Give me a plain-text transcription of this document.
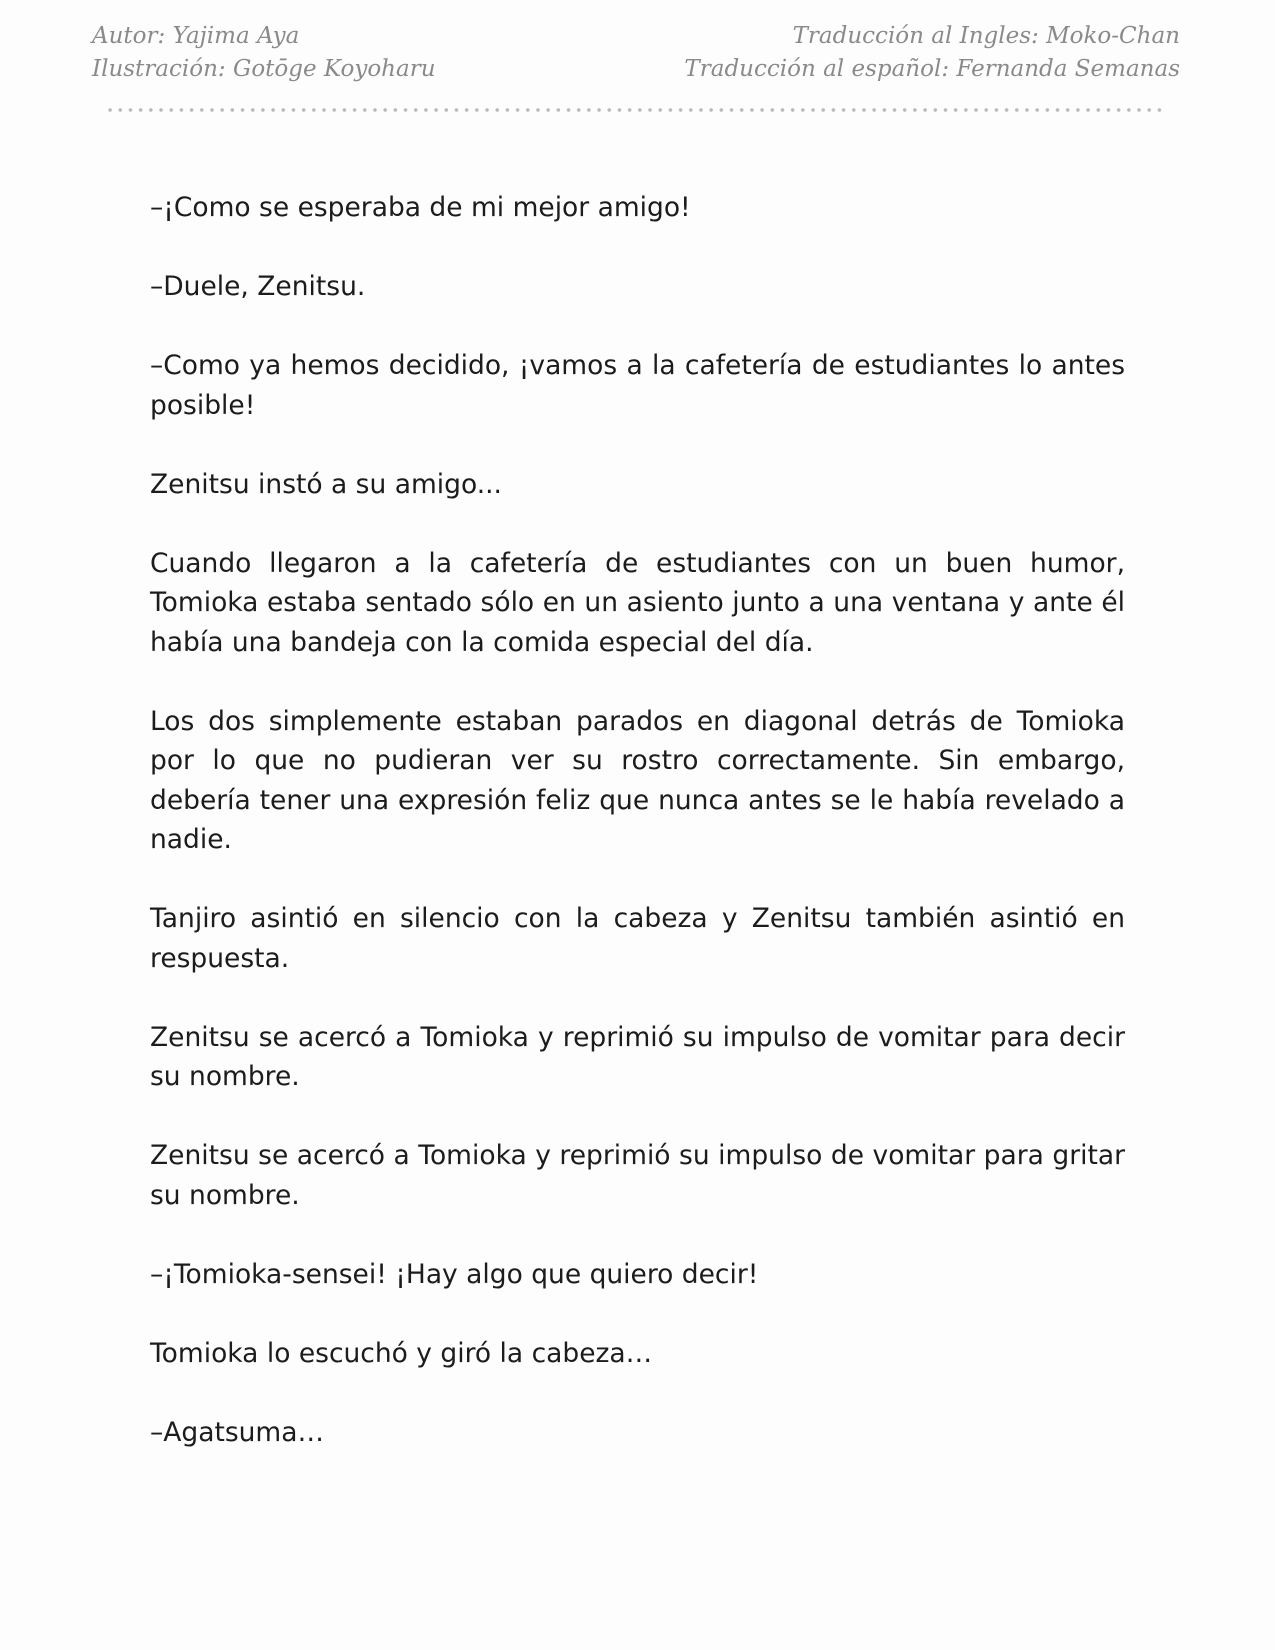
Autor: Yajima Aya
Ilustración: Gotōge Koyoharu
Traducción al Ingles: Moko-Chan
Traducción al español: Fernanda Semanas

–¡Como se esperaba de mi mejor amigo!

–Duele, Zenitsu.

–Como ya hemos decidido, ¡vamos a la cafetería de estudiantes lo antes posible!

Zenitsu instó a su amigo...

Cuando llegaron a la cafetería de estudiantes con un buen humor, Tomioka estaba sentado sólo en un asiento junto a una ventana y ante él había una bandeja con la comida especial del día.

Los dos simplemente estaban parados en diagonal detrás de Tomioka por lo que no pudieran ver su rostro correctamente. Sin embargo, debería tener una expresión feliz que nunca antes se le había revelado a nadie.

Tanjiro asintió en silencio con la cabeza y Zenitsu también asintió en respuesta.

Zenitsu se acercó a Tomioka y reprimió su impulso de vomitar para decir su nombre.

Zenitsu se acercó a Tomioka y reprimió su impulso de vomitar para gritar su nombre.

–¡Tomioka-sensei! ¡Hay algo que quiero decir!

Tomioka lo escuchó y giró la cabeza…

–Agatsuma…
